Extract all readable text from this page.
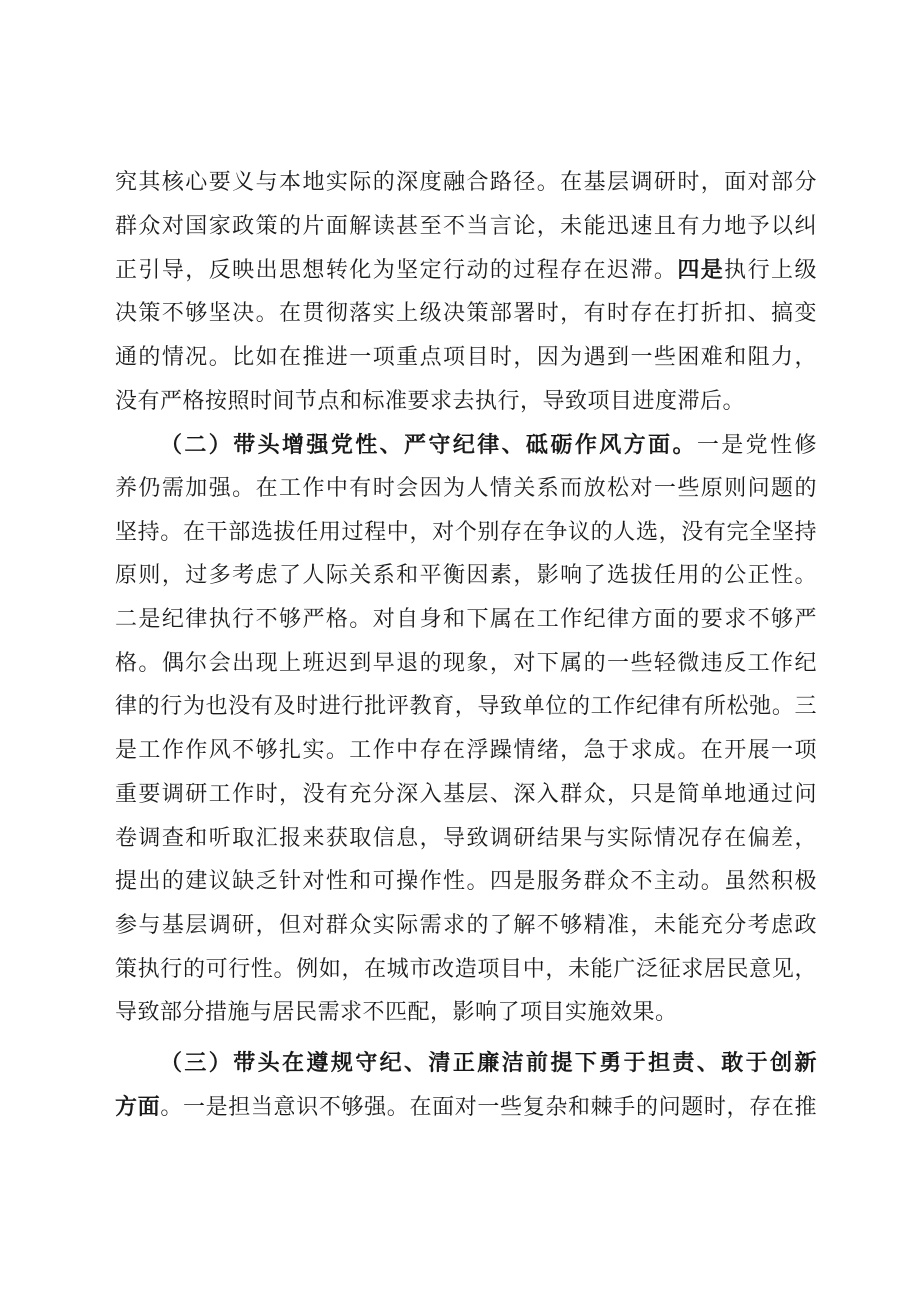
究其核心要义与本地实际的深度融合路径。在基层调研时，面对部分
群众对国家政策的片面解读甚至不当言论，未能迅速且有力地予以纠
正引导，反映出思想转化为坚定行动的过程存在迟滞。四是执行上级
决策不够坚决。在贯彻落实上级决策部署时，有时存在打折扣、搞变
通的情况。比如在推进一项重点项目时，因为遇到一些困难和阻力，
没有严格按照时间节点和标准要求去执行，导致项目进度滞后。
（二）带头增强党性、严守纪律、砥砺作风方面。一是党性修
养仍需加强。在工作中有时会因为人情关系而放松对一些原则问题的
坚持。在干部选拔任用过程中，对个别存在争议的人选，没有完全坚持
原则，过多考虑了人际关系和平衡因素，影响了选拔任用的公正性。
二是纪律执行不够严格。对自身和下属在工作纪律方面的要求不够严
格。偶尔会出现上班迟到早退的现象，对下属的一些轻微违反工作纪
律的行为也没有及时进行批评教育，导致单位的工作纪律有所松弛。三
是工作作风不够扎实。工作中存在浮躁情绪，急于求成。在开展一项
重要调研工作时，没有充分深入基层、深入群众，只是简单地通过问
卷调查和听取汇报来获取信息，导致调研结果与实际情况存在偏差，
提出的建议缺乏针对性和可操作性。四是服务群众不主动。虽然积极
参与基层调研，但对群众实际需求的了解不够精准，未能充分考虑政
策执行的可行性。例如，在城市改造项目中，未能广泛征求居民意见，
导致部分措施与居民需求不匹配，影响了项目实施效果。
（三）带头在遵规守纪、清正廉洁前提下勇于担责、敢于创新
方面。一是担当意识不够强。在面对一些复杂和棘手的问题时，存在推
